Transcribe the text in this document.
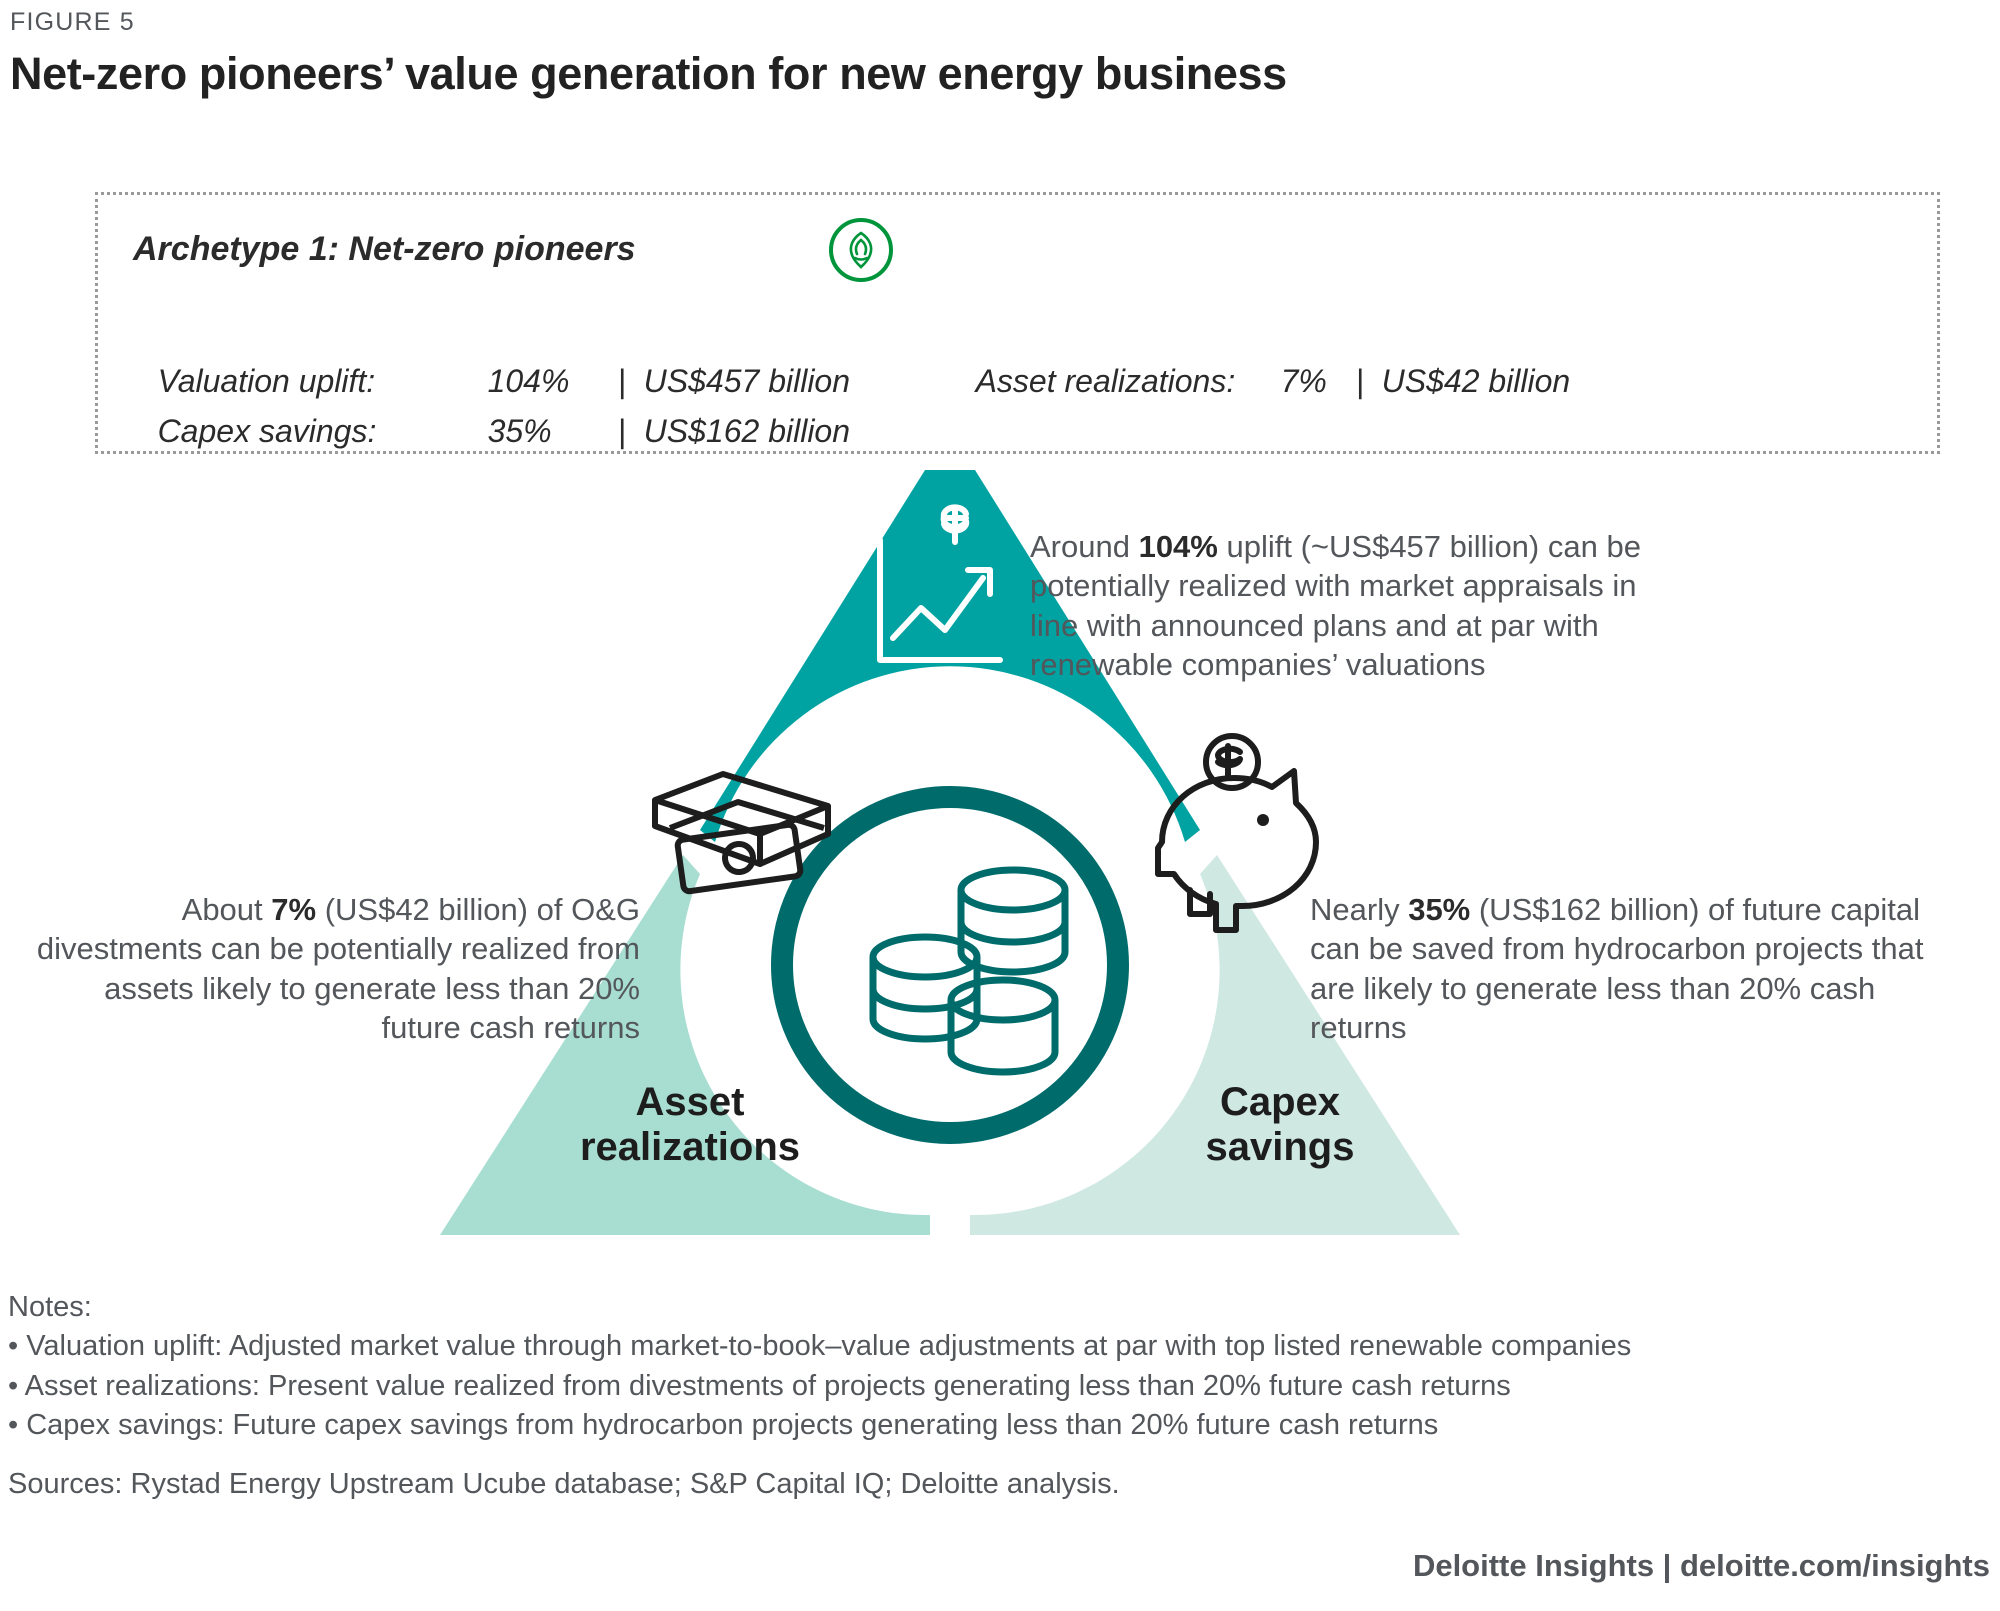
FIGURE 5
Net-zero pioneers’ value generation for new energy business
Archetype 1: Net-zero pioneers

Valuation uplift:	104% | US$457 billion

Capex savings:	35% | US$162 billion

Asset realizations: 7% | US$42 billion

Valuation
uplift
Asset
realizations
Capex
savings
Around 104% uplift (~US$457 billion) can be potentially realized with market appraisals in line with announced plans and at par with renewable companies’ valuations
About 7% (US$42 billion) of O&G divestments can be potentially realized from assets likely to generate less than 20% future cash returns
Nearly 35% (US$162 billion) of future capital can be saved from hydrocarbon projects that are likely to generate less than 20% cash returns
Notes:
• Valuation uplift: Adjusted market value through market-to-book–value adjustments at par with top listed renewable companies
• Asset realizations: Present value realized from divestments of projects generating less than 20% future cash returns
• Capex savings: Future capex savings from hydrocarbon projects generating less than 20% future cash returns
Sources: Rystad Energy Upstream Ucube database; S&P Capital IQ; Deloitte analysis.
Deloitte Insights | deloitte.com/insights
